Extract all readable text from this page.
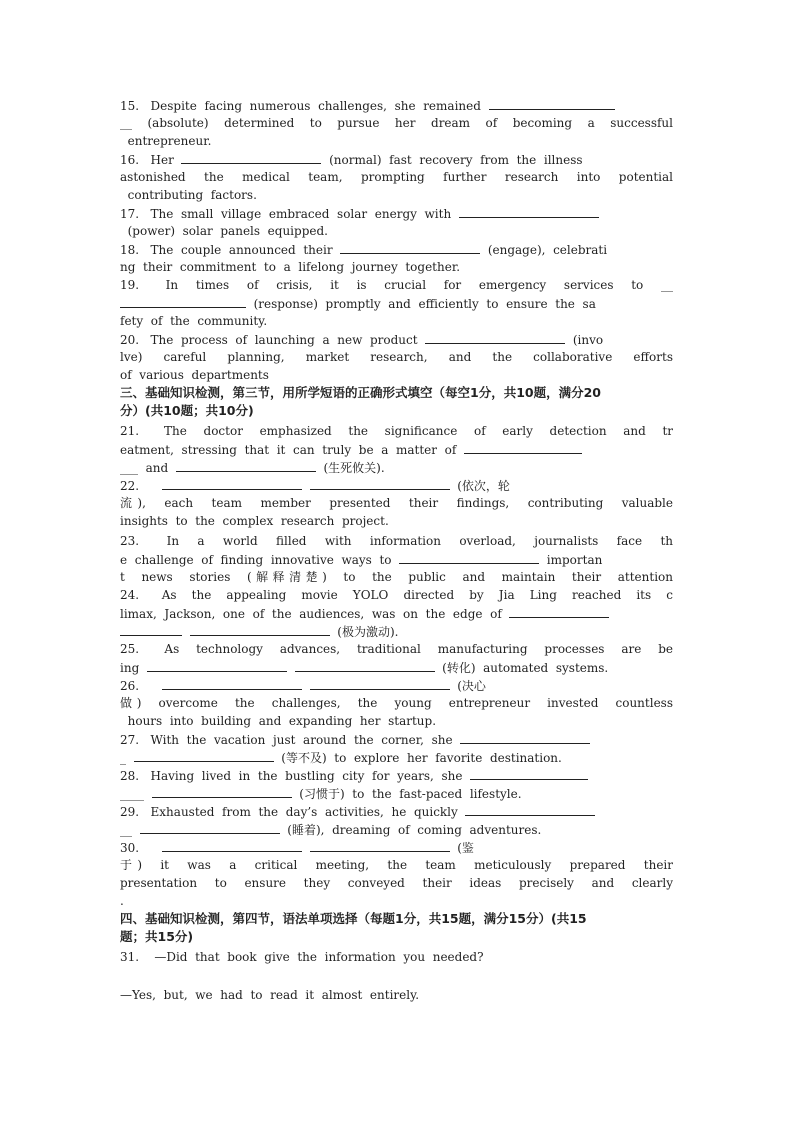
15.   Despite  facing  numerous  challenges,  she  remained
__  (absolute)  determined  to  pursue  her  dream  of  becoming  a  successful
entrepreneur.
16.   Her	(normal)  fast  recovery  from  the  illness
astonished  the  medical  team,  prompting  further  research  into  potential
contributing  factors.
17.   The  small  village  embraced  solar  energy  with
(power)  solar  panels  equipped.
18.   The  couple  announced  their	(engage),  celebrati
ng  their  commitment  to  a  lifelong  journey  together.
19.   In  times  of  crisis,  it  is  crucial  for  emergency  services  to  __
(response)  promptly  and  efficiently  to  ensure  the  sa
fety  of  the  community.
20.   The  process  of  launching  a  new  product	(invo
lve)  careful  planning,  market  research,  and  the  collaborative  efforts
of  various  departments
三、基础知识检测，第三节，用所学短语的正确形式填空（每空1分，共10题，满分20
分）(共10题；共10分)
21.   The  doctor  emphasized  the  significance  of  early  detection  and  tr
eatment,  stressing  that  it  can  truly  be  a  matter  of
___  and	(生死攸关).
22.	(依次，轮
流),  each  team  member  presented  their  findings,  contributing  valuable
insights  to  the  complex  research  project.
23.   In  a  world  filled  with  information  overload,  journalists  face  th
e  challenge  of  finding  innovative  ways  to	importan
t  news  stories  (解释清楚)  to  the  public  and  maintain  their  attention
24.   As  the  appealing  movie  YOLO  directed  by  Jia  Ling  reached  its  c
limax,  Jackson,  one  of  the  audiences,  was  on  the  edge  of
(极为激动).
25.   As  technology  advances,  traditional  manufacturing  processes  are  be
ing	(转化)  automated  systems.
26.	(决心
做)  overcome  the  challenges,  the  young  entrepreneur  invested  countless
hours  into  building  and  expanding  her  startup.
27.   With  the  vacation  just  around  the  corner,  she
_	(等不及)  to  explore  her  favorite  destination.
28.   Having  lived  in  the  bustling  city  for  years,  she
____	(习惯于)  to  the  fast-paced  lifestyle.
29.   Exhausted  from  the  day’s  activities,  he  quickly
__	(睡着),  dreaming  of  coming  adventures.
30.	(鉴
于)  it  was  a  critical  meeting,  the  team  meticulously  prepared  their
presentation  to  ensure  they  conveyed  their  ideas  precisely  and  clearly
.
四、基础知识检测，第四节，语法单项选择（每题1分，共15题，满分15分）(共15
题；共15分)
31.    —Did  that  book  give  the  information  you  needed?
—Yes,  but,  we  had  to  read  it  almost  entirely.
